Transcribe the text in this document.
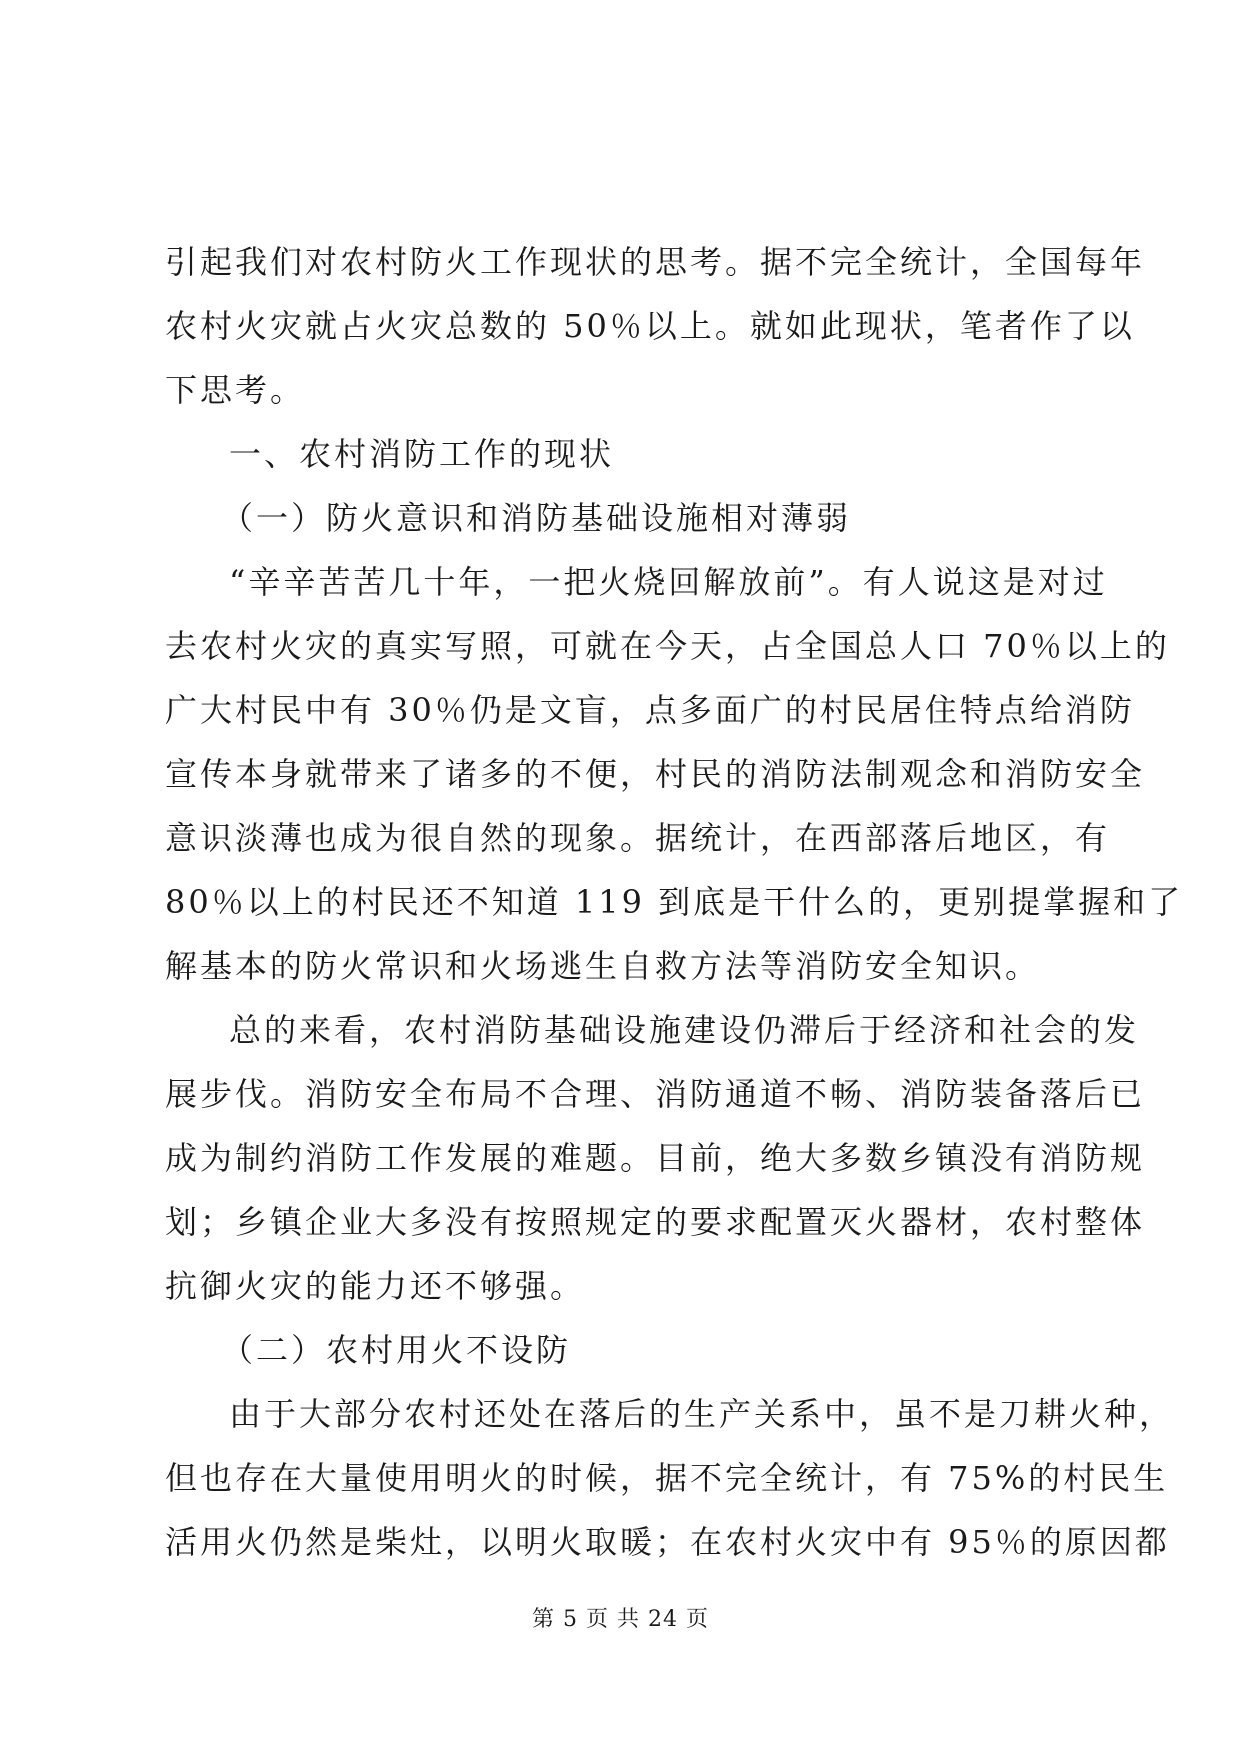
引起我们对农村防火工作现状的思考。据不完全统计，全国每年
农村火灾就占火灾总数的 50％以上。就如此现状，笔者作了以
下思考。
一、农村消防工作的现状
（一）防火意识和消防基础设施相对薄弱
“辛辛苦苦几十年，一把火烧回解放前”。有人说这是对过
去农村火灾的真实写照，可就在今天，占全国总人口 70％以上的
广大村民中有 30％仍是文盲，点多面广的村民居住特点给消防
宣传本身就带来了诸多的不便，村民的消防法制观念和消防安全
意识淡薄也成为很自然的现象。据统计，在西部落后地区，有
80％以上的村民还不知道 119 到底是干什么的，更别提掌握和了
解基本的防火常识和火场逃生自救方法等消防安全知识。
总的来看，农村消防基础设施建设仍滞后于经济和社会的发
展步伐。消防安全布局不合理、消防通道不畅、消防装备落后已
成为制约消防工作发展的难题。目前，绝大多数乡镇没有消防规
划；乡镇企业大多没有按照规定的要求配置灭火器材，农村整体
抗御火灾的能力还不够强。
（二）农村用火不设防
由于大部分农村还处在落后的生产关系中，虽不是刀耕火种，
但也存在大量使用明火的时候，据不完全统计，有 75%的村民生
活用火仍然是柴灶，以明火取暖；在农村火灾中有 95％的原因都
第 5 页 共 24 页
